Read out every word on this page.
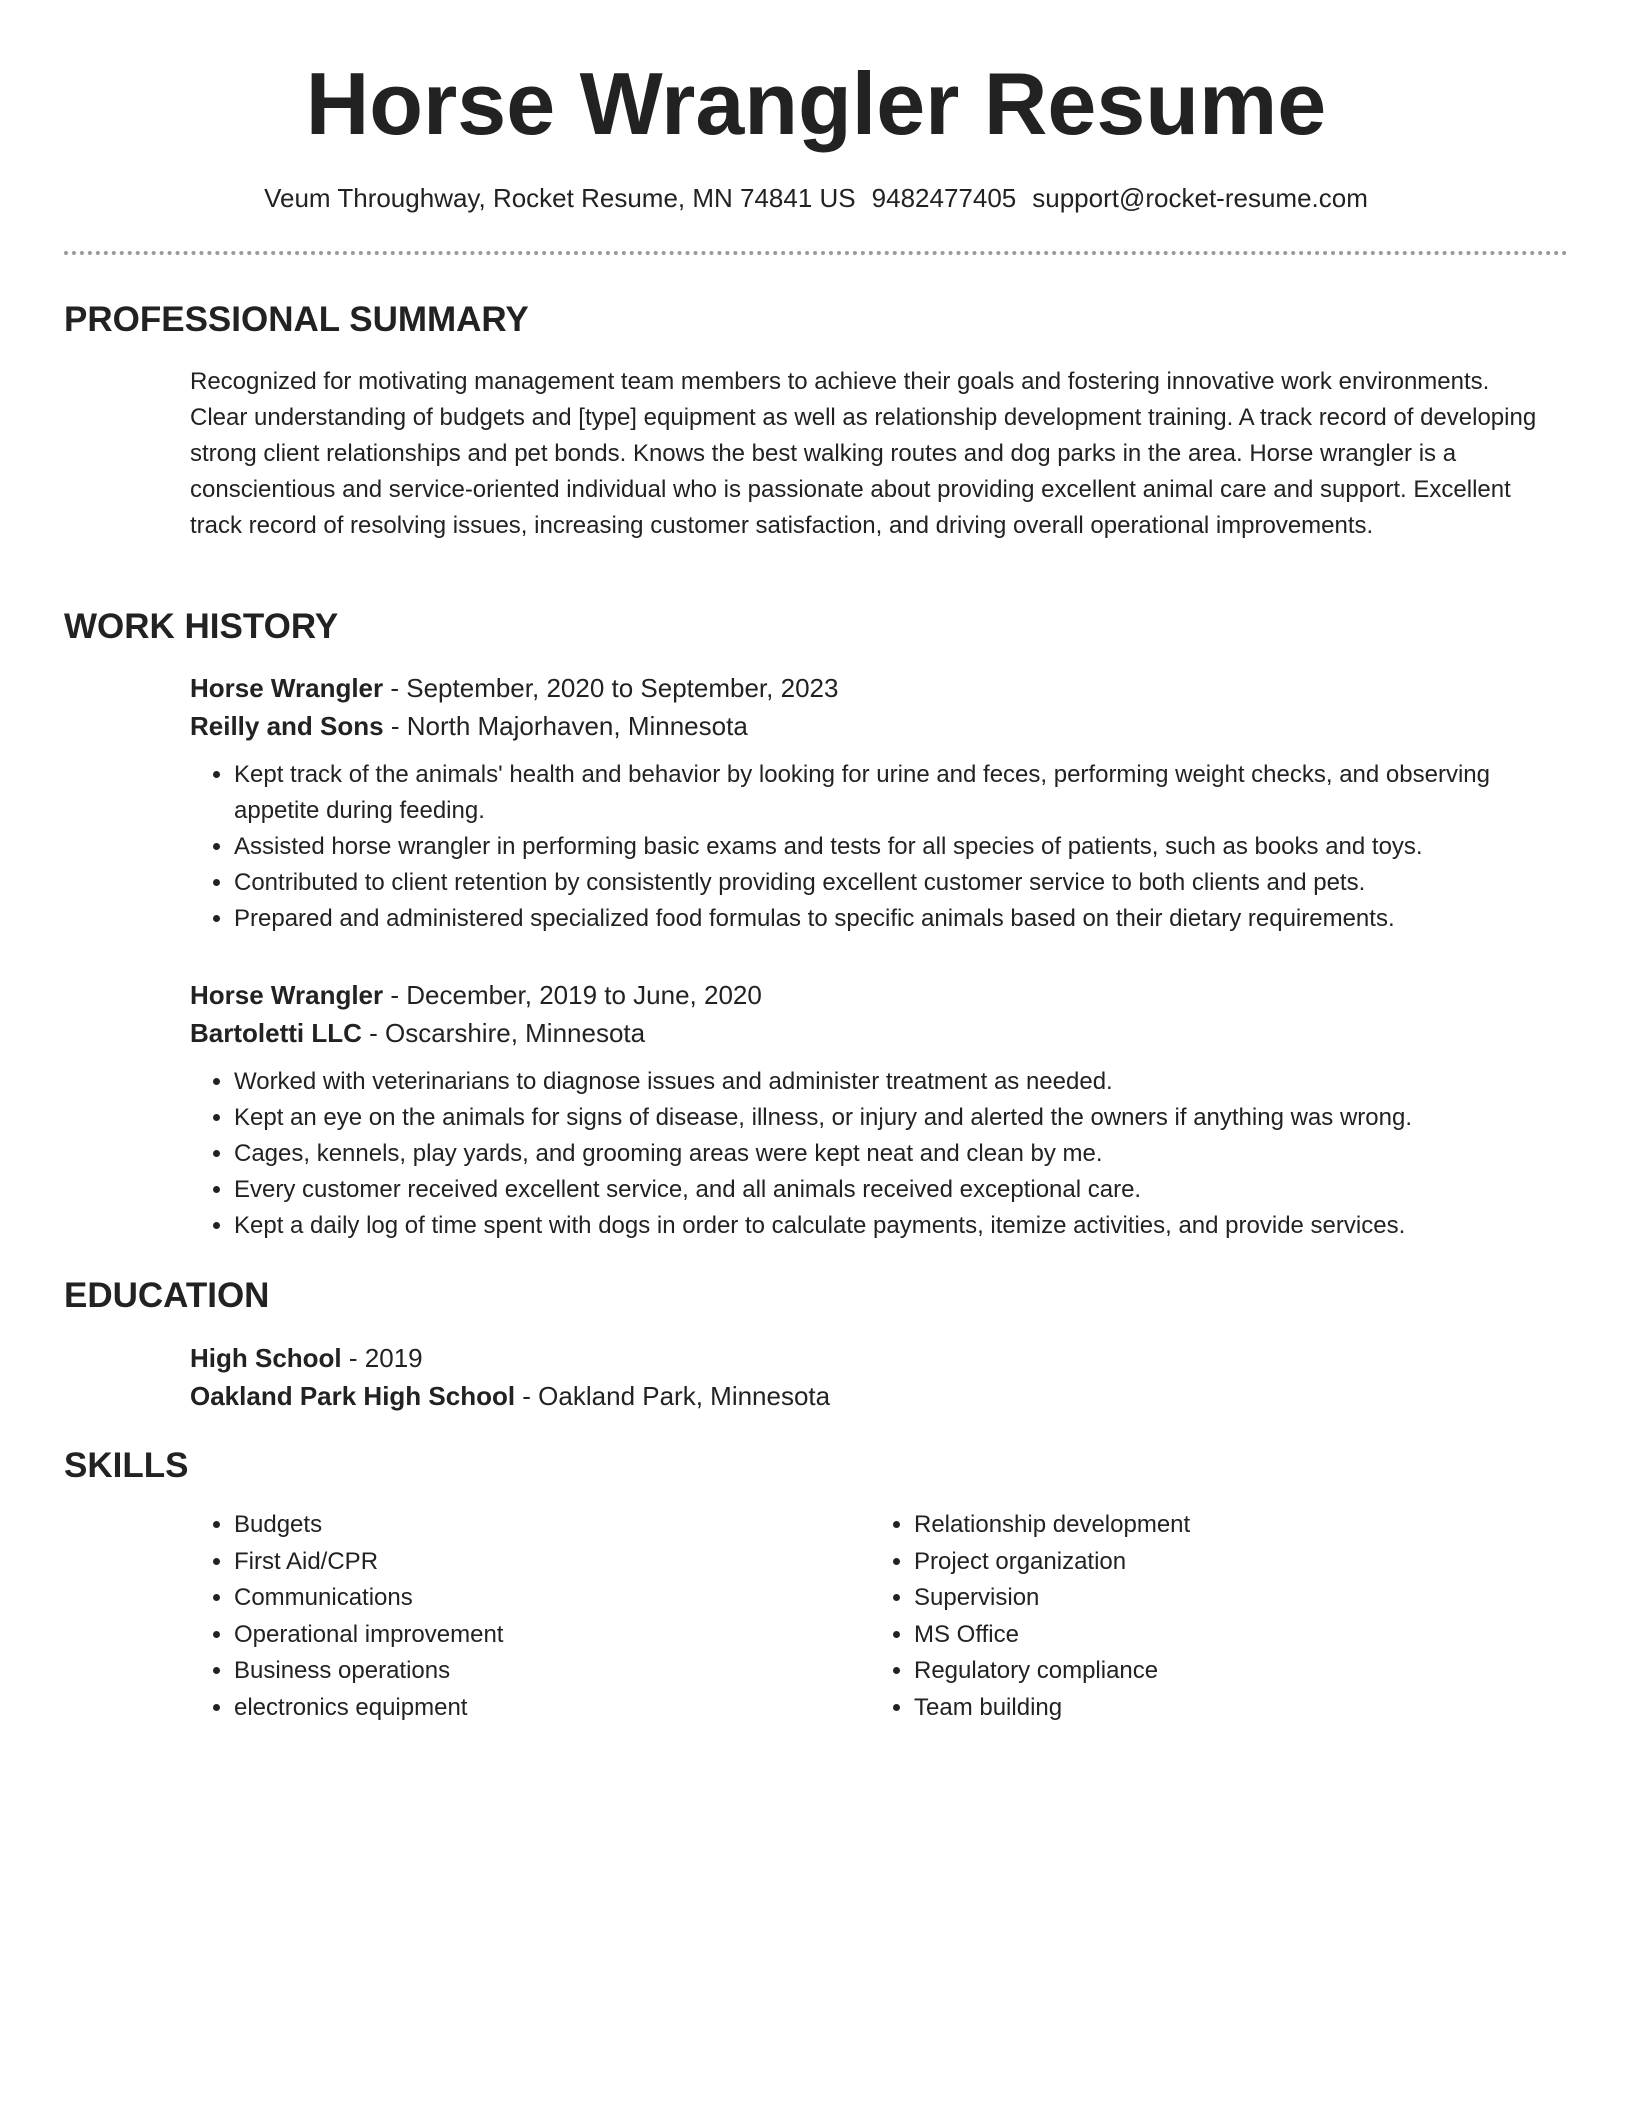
Horse Wrangler Resume
Veum Throughway, Rocket Resume, MN 74841 US 9482477405 support@rocket-resume.com
PROFESSIONAL SUMMARY

Recognized for motivating management team members to achieve their goals and fostering innovative work environments. Clear understanding of budgets and [type] equipment as well as relationship development training. A track record of developing strong client relationships and pet bonds. Knows the best walking routes and dog parks in the area. Horse wrangler is a conscientious and service-oriented individual who is passionate about providing excellent animal care and support. Excellent track record of resolving issues, increasing customer satisfaction, and driving overall operational improvements.

WORK HISTORY

Horse Wrangler - September, 2020 to September, 2023

Reilly and Sons - North Majorhaven, Minnesota

• Kept track of the animals' health and behavior by looking for urine and feces, performing weight checks, and observing appetite during feeding.
• Assisted horse wrangler in performing basic exams and tests for all species of patients, such as books and toys.
• Contributed to client retention by consistently providing excellent customer service to both clients and pets.
• Prepared and administered specialized food formulas to specific animals based on their dietary requirements.

Horse Wrangler - December, 2019 to June, 2020

Bartoletti LLC - Oscarshire, Minnesota

• Worked with veterinarians to diagnose issues and administer treatment as needed.
• Kept an eye on the animals for signs of disease, illness, or injury and alerted the owners if anything was wrong.
• Cages, kennels, play yards, and grooming areas were kept neat and clean by me.
• Every customer received excellent service, and all animals received exceptional care.
• Kept a daily log of time spent with dogs in order to calculate payments, itemize activities, and provide services.
EDUCATION

High School - 2019

Oakland Park High School - Oakland Park, Minnesota

SKILLS
• Budgets
• First Aid/CPR
• Communications
• Operational improvement
• Business operations
• electronics equipment
• Relationship development
• Project organization
• Supervision
• MS Office
• Regulatory compliance
• Team building
